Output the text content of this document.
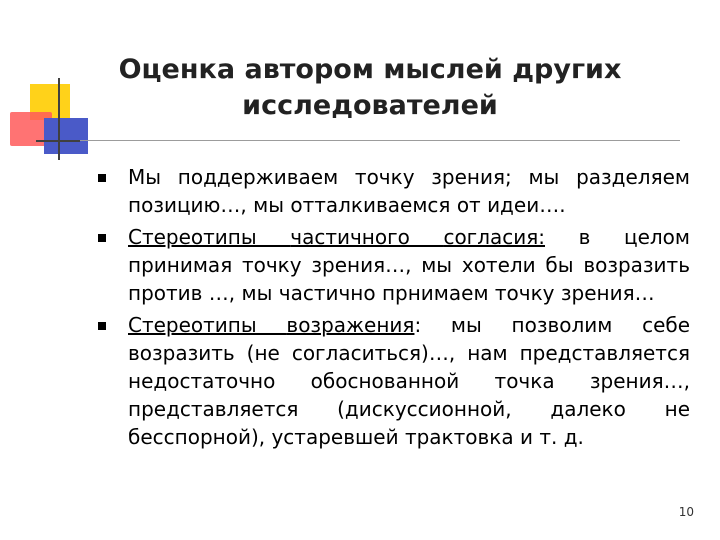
Оценка автором мыслей других
исследователей
Мы поддерживаем точку зрения; мы разделяем позицию…, мы отталкиваемся от идеи….
Стереотипы частичного согласия: в целом принимая точку зрения…, мы хотели бы возразить против …, мы частично прнимаем точку зрения…
Стереотипы возражения: мы позволим себе возразить (не согласиться)…, нам представляется недостаточно обоснованной точка зрения…, представляется (дискуссионной, далеко не бесспорной), устаревшей трактовка и т. д.
10
